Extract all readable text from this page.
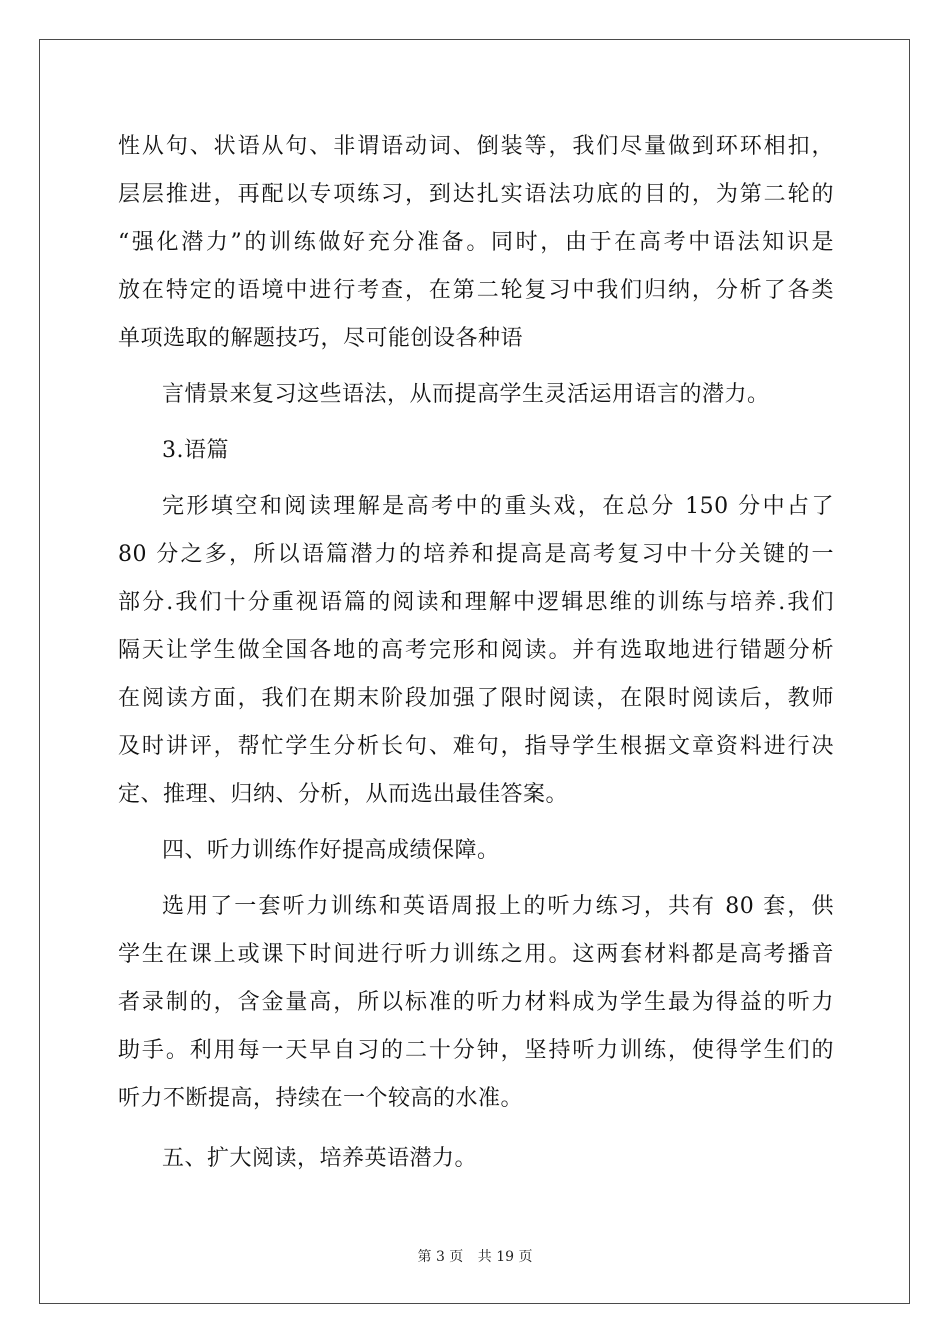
性从句、状语从句、非谓语动词、倒装等，我们尽量做到环环相扣，
层层推进，再配以专项练习，到达扎实语法功底的目的，为第二轮的
“强化潜力”的训练做好充分准备。同时，由于在高考中语法知识是
放在特定的语境中进行考查，在第二轮复习中我们归纳，分析了各类
单项选取的解题技巧，尽可能创设各种语
言情景来复习这些语法，从而提高学生灵活运用语言的潜力。
3.语篇
完形填空和阅读理解是高考中的重头戏，在总分 150 分中占了
80 分之多，所以语篇潜力的培养和提高是高考复习中十分关键的一
部分.我们十分重视语篇的阅读和理解中逻辑思维的训练与培养.我们
隔天让学生做全国各地的高考完形和阅读。并有选取地进行错题分析
在阅读方面，我们在期末阶段加强了限时阅读，在限时阅读后，教师
及时讲评，帮忙学生分析长句、难句，指导学生根据文章资料进行决
定、推理、归纳、分析，从而选出最佳答案。
四、听力训练作好提高成绩保障。
选用了一套听力训练和英语周报上的听力练习，共有 80 套，供
学生在课上或课下时间进行听力训练之用。这两套材料都是高考播音
者录制的，含金量高，所以标准的听力材料成为学生最为得益的听力
助手。利用每一天早自习的二十分钟，坚持听力训练，使得学生们的
听力不断提高，持续在一个较高的水准。
五、扩大阅读，培养英语潜力。
第 3 页 共 19 页
